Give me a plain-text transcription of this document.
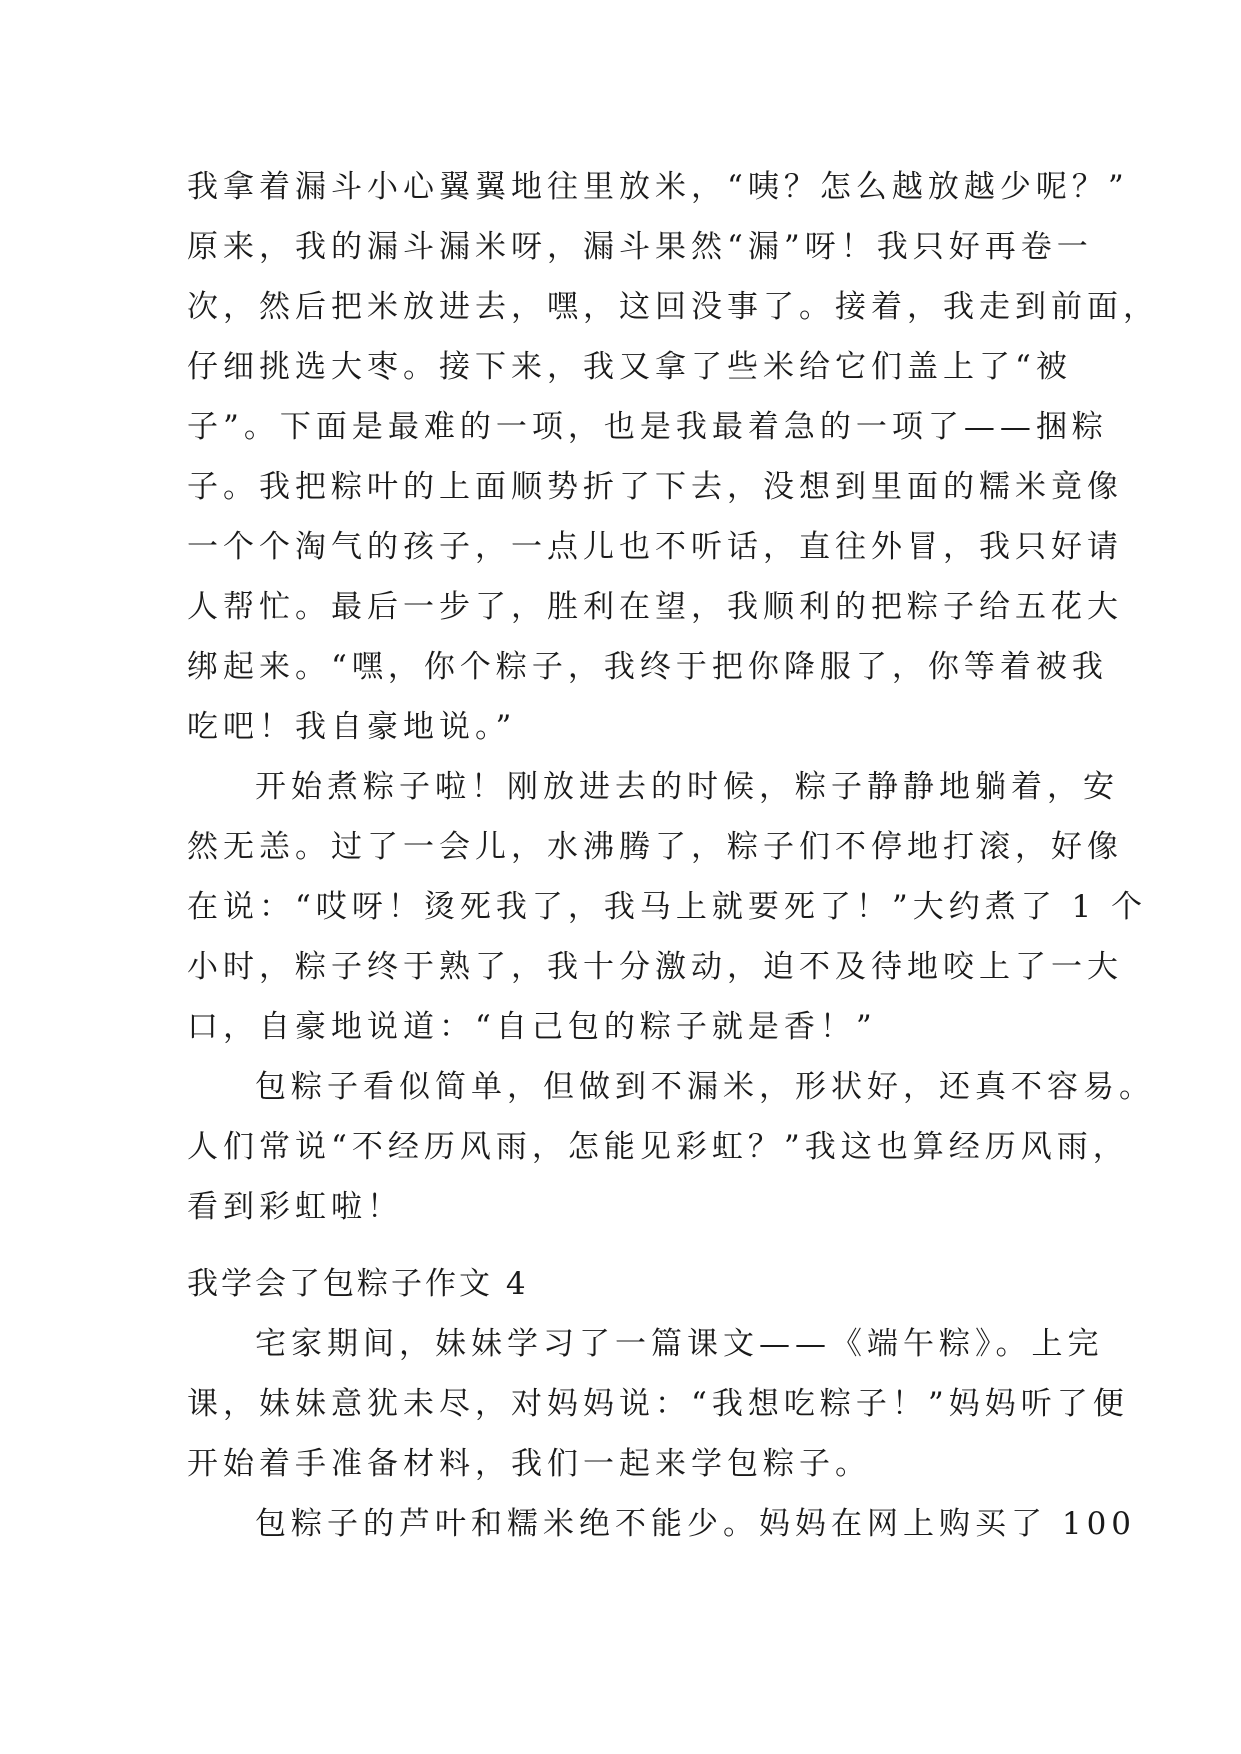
我拿着漏斗小心翼翼地往里放米，“咦？怎么越放越少呢？”
原来，我的漏斗漏米呀，漏斗果然“漏”呀！我只好再卷一
次，然后把米放进去，嘿，这回没事了。接着，我走到前面，
仔细挑选大枣。接下来，我又拿了些米给它们盖上了“被
子”。下面是最难的一项，也是我最着急的一项了——捆粽
子。我把粽叶的上面顺势折了下去，没想到里面的糯米竟像
一个个淘气的孩子，一点儿也不听话，直往外冒，我只好请
人帮忙。最后一步了，胜利在望，我顺利的把粽子给五花大
绑起来。“嘿，你个粽子，我终于把你降服了，你等着被我
吃吧！我自豪地说。”
开始煮粽子啦！刚放进去的时候，粽子静静地躺着，安
然无恙。过了一会儿，水沸腾了，粽子们不停地打滚，好像
在说：“哎呀！烫死我了，我马上就要死了！”大约煮了 1 个
小时，粽子终于熟了，我十分激动，迫不及待地咬上了一大
口，自豪地说道：“自己包的粽子就是香！”
包粽子看似简单，但做到不漏米，形状好，还真不容易。
人们常说“不经历风雨，怎能见彩虹？”我这也算经历风雨，
看到彩虹啦！
我学会了包粽子作文 4
宅家期间，妹妹学习了一篇课文——《端午粽》。上完
课，妹妹意犹未尽，对妈妈说：“我想吃粽子！”妈妈听了便
开始着手准备材料，我们一起来学包粽子。
包粽子的芦叶和糯米绝不能少。妈妈在网上购买了 100
